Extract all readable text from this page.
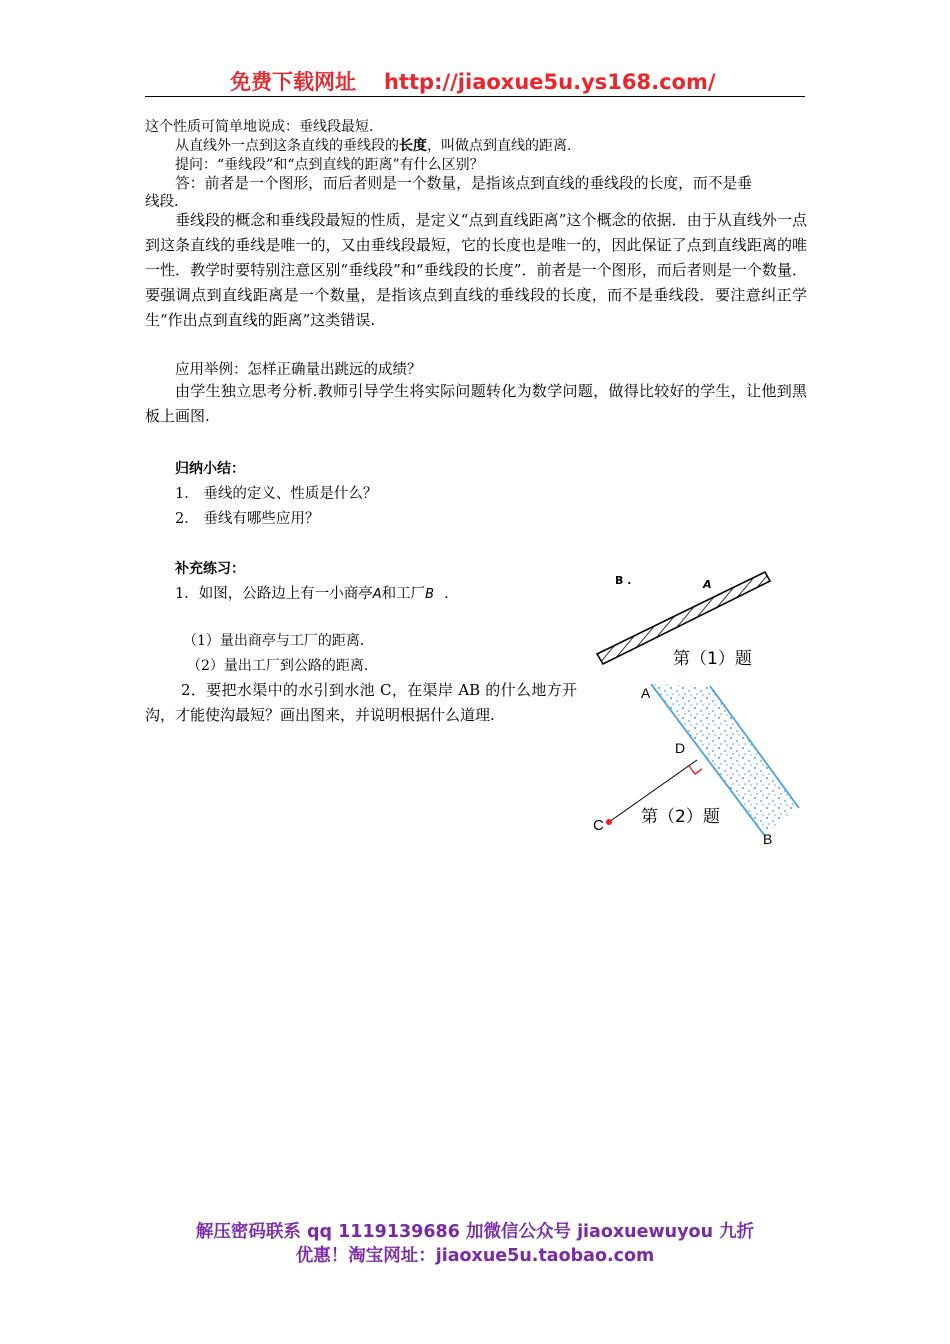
免费下载网址 http://jiaoxue5u.ys168.com/
这个性质可简单地说成：垂线段最短.
从直线外一点到这条直线的垂线段的长度，叫做点到直线的距离.
提问：“垂线段”和“点到直线的距离”有什么区别？
答：前者是一个图形，而后者则是一个数量，是指该点到直线的垂线段的长度，而不是垂
线段.
垂线段的概念和垂线段最短的性质，是定义“点到直线距离”这个概念的依据．由于从直线外一点到这条直线的垂线是唯一的，又由垂线段最短，它的长度也是唯一的，因此保证了点到直线距离的唯一性．教学时要特别注意区别“垂线段”和“垂线段的长度”．前者是一个图形，而后者则是一个数量．要强调点到直线距离是一个数量，是指该点到直线的垂线段的长度，而不是垂线段．要注意纠正学生“作出点到直线的距离”这类错误.
应用举例：怎样正确量出跳远的成绩？
由学生独立思考分析.教师引导学生将实际问题转化为数学问题，做得比较好的学生，让他到黑板上画图.
归纳小结：
1． 垂线的定义、性质是什么？
2． 垂线有哪些应用？
补充练习：
1．如图，公路边上有一小商亭A和工厂B ．
（1）量出商亭与工厂的距离.
（2）量出工厂到公路的距离.
2．要把水渠中的水引到水池 C，在渠岸 AB 的什么地方开沟，才能使沟最短？画出图来，并说明根据什么道理.
B .	A
第（1）题
A
D
C
B
第（2）题
解压密码联系 qq 1119139686 加微信公众号 jiaoxuewuyou 九折
优惠！淘宝网址：jiaoxue5u.taobao.com
